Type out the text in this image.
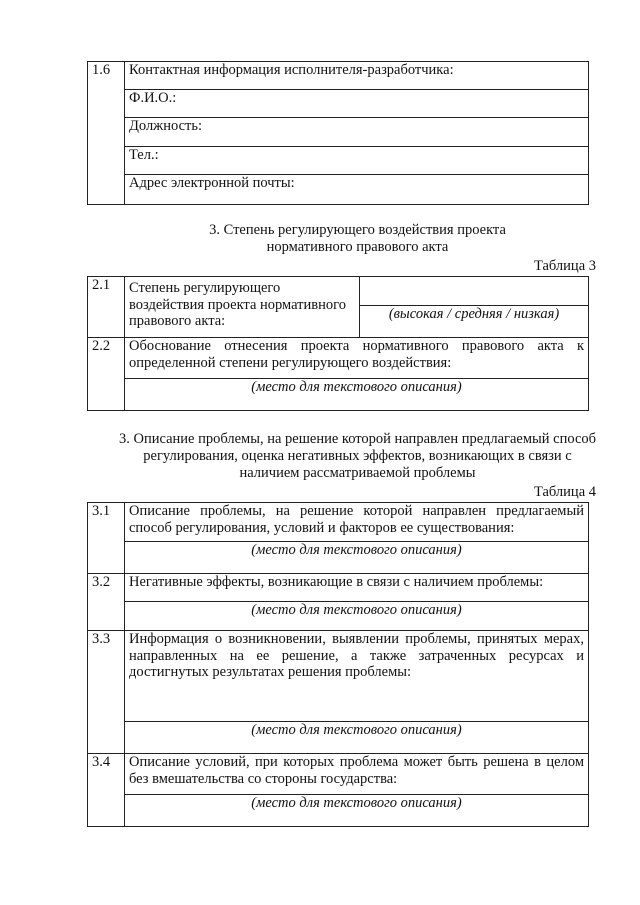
1.6	Контактная информация исполнителя-разработчика:
Ф.И.О.:
Должность:
Тел.:
Адрес электронной почты:
3. Степень регулирующего воздействия проекта
нормативного правового акта
Таблица 3
2.1	Степень регулирующего
воздействия проекта нормативного
правового акта:	

		(высокая / средняя / низкая)
2.2	Обоснование отнесения проекта нормативного правового акта к определенной степени регулирующего воздействия:	
	(место для текстового описания)	
3. Описание проблемы, на решение которой направлен предлагаемый способ
регулирования, оценка негативных эффектов, возникающих в связи с
наличием рассматриваемой проблемы
Таблица 4
3.1	Описание проблемы, на решение которой направлен предлагаемый способ регулирования, условий и факторов ее существования:
	(место для текстового описания)
3.2	Негативные эффекты, возникающие в связи с наличием проблемы:
	(место для текстового описания)
3.3	Информация о возникновении, выявлении проблемы, принятых мерах, направленных на ее решение, а также затраченных ресурсах и достигнутых результатах решения проблемы:
	(место для текстового описания)
3.4	Описание условий, при которых проблема может быть решена в целом без вмешательства со стороны государства:
	(место для текстового описания)
